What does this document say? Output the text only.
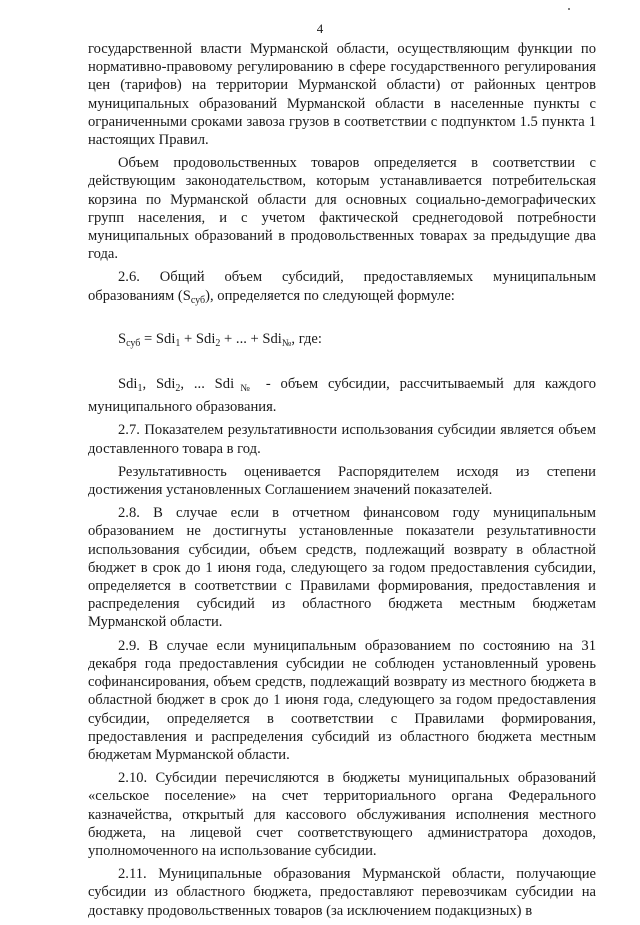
4

государственной власти Мурманской области, осуществляющим функции по нормативно-правовому регулированию в сфере государственного регулирования цен (тарифов) на территории Мурманской области) от районных центров муниципальных образований Мурманской области в населенные пункты с ограниченными сроками завоза грузов в соответствии с подпунктом 1.5 пункта 1 настоящих Правил.

Объем продовольственных товаров определяется в соответствии с действующим законодательством, которым устанавливается потребительская корзина по Мурманской области для основных социально-демографических групп населения, и с учетом фактической среднегодовой потребности муниципальных образований в продовольственных товарах за предыдущие два года.

2.6. Общий объем субсидий, предоставляемых муниципальным образованиям $(S_{суб})$, определяется по следующей формуле:

$S_{суб} = Sdi_1 + Sdi_2$ + ... + Sdi$_№$, где:

Sdi$_1$, Sdi$_2$, ... Sdi$_№$ - объем субсидии, рассчитываемый для каждого муниципального образования.

2.7. Показателем результативности использования субсидии является объем доставленного товара в год.

Результативность оценивается Распорядителем исходя из степени достижения установленных Соглашением значений показателей.

2.8. В случае если в отчетном финансовом году муниципальным образованием не достигнуты установленные показатели результативности использования субсидии, объем средств, подлежащий возврату в областной бюджет в срок до 1 июня года, следующего за годом предоставления субсидии, определяется в соответствии с Правилами формирования, предоставления и распределения субсидий из областного бюджета местным бюджетам Мурманской области.

2.9. В случае если муниципальным образованием по состоянию на 31 декабря года предоставления субсидии не соблюден установленный уровень софинансирования, объем средств, подлежащий возврату из местного бюджета в областной бюджет в срок до 1 июня года, следующего за годом предоставления субсидии, определяется в соответствии с Правилами формирования, предоставления и распределения субсидий из областного бюджета местным бюджетам Мурманской области.

2.10. Субсидии перечисляются в бюджеты муниципальных образований «сельское поселение» на счет территориального органа Федерального казначейства, открытый для кассового обслуживания исполнения местного бюджета, на лицевой счет соответствующего администратора доходов, уполномоченного на использование субсидии.

2.11. Муниципальные образования Мурманской области, получающие субсидии из областного бюджета, предоставляют перевозчикам субсидии на доставку продовольственных товаров (за исключением подакцизных) в
